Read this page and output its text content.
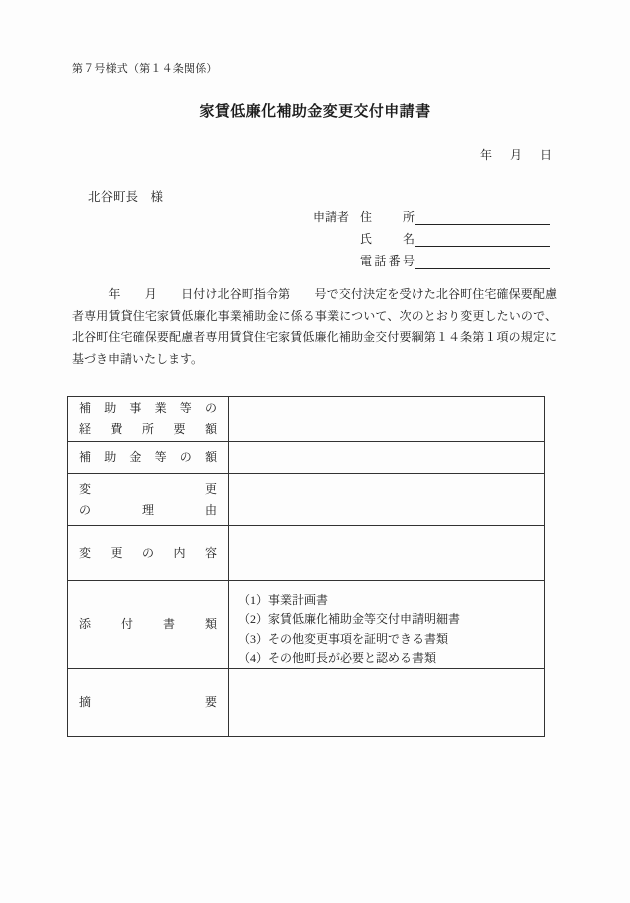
第７号様式（第１４条関係）
家賃低廉化補助金変更交付申請書
年　月　日
北谷町長　様
申請者 住 所
氏 名
電話番号
　　　年　　月　　日付け北谷町指令第　　号で交付決定を受けた北谷町住宅確保要配慮
者専用賃貸住宅家賃低廉化事業補助金に係る事業について、次のとおり変更したいので、
北谷町住宅確保要配慮者専用賃貸住宅家賃低廉化補助金交付要綱第１４条第１項の規定に
基づき申請いたします。
補 助 事 業 等 の
経 費 所 要 額	

補 助 金 等 の 額	

変 更
の 理 由	

変 更 の 内 容	

添 付 書 類	（1）事業計画書
（2）家賃低廉化補助金等交付申請明細書
（3）その他変更事項を証明できる書類
（4）その他町長が必要と認める書類

摘 要	
